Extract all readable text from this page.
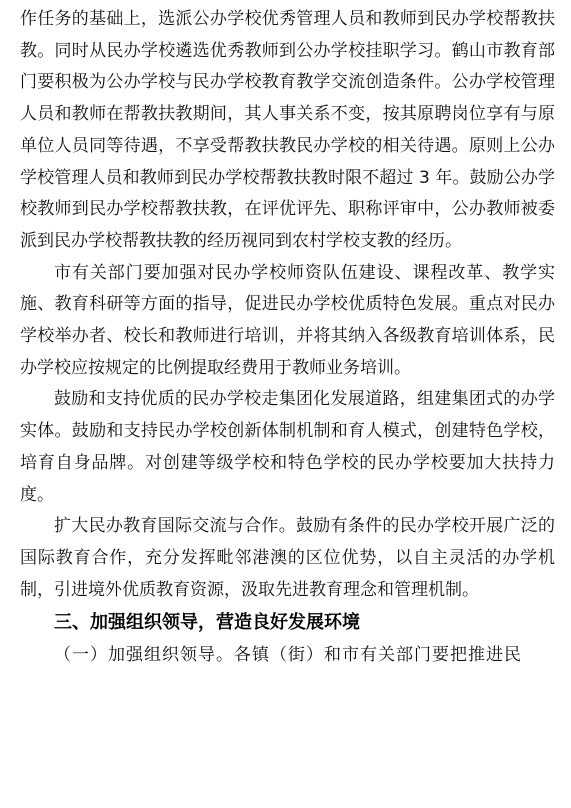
作任务的基础上，选派公办学校优秀管理人员和教师到民办学校帮教扶教。同时从民办学校遴选优秀教师到公办学校挂职学习。鹤山市教育部门要积极为公办学校与民办学校教育教学交流创造条件。公办学校管理人员和教师在帮教扶教期间，其人事关系不变，按其原聘岗位享有与原单位人员同等待遇，不享受帮教扶教民办学校的相关待遇。原则上公办学校管理人员和教师到民办学校帮教扶教时限不超过 3 年。鼓励公办学校教师到民办学校帮教扶教，在评优评先、职称评审中，公办教师被委派到民办学校帮教扶教的经历视同到农村学校支教的经历。

市有关部门要加强对民办学校师资队伍建设、课程改革、教学实施、教育科研等方面的指导，促进民办学校优质特色发展。重点对民办学校举办者、校长和教师进行培训，并将其纳入各级教育培训体系，民办学校应按规定的比例提取经费用于教师业务培训。

鼓励和支持优质的民办学校走集团化发展道路，组建集团式的办学实体。鼓励和支持民办学校创新体制机制和育人模式，创建特色学校，培育自身品牌。对创建等级学校和特色学校的民办学校要加大扶持力度。

扩大民办教育国际交流与合作。鼓励有条件的民办学校开展广泛的国际教育合作，充分发挥毗邻港澳的区位优势，以自主灵活的办学机制，引进境外优质教育资源，汲取先进教育理念和管理机制。

三、加强组织领导，营造良好发展环境

（一）加强组织领导。各镇（街）和市有关部门要把推进民
